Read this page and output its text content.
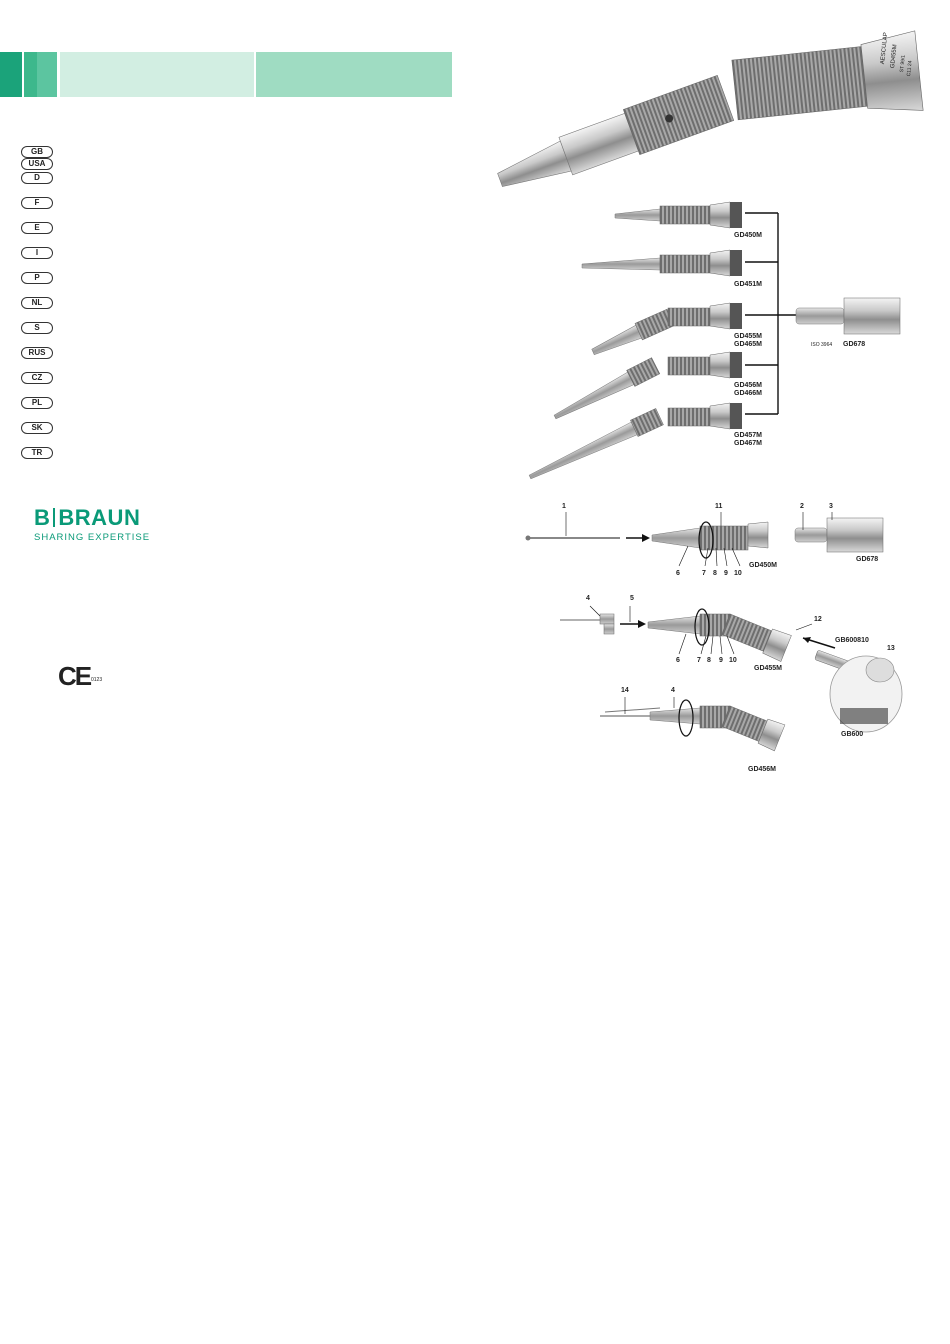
GB
USA
D
F
E
I
P
NL
S
RUS
CZ
PL
SK
TR
B BRAUN
SHARING EXPERTISE
CE 0123
AESCULAP GD455M ST 99/1 C11 24
GD450M
GD451M
GD455M
GD465M
GD456M
GD466M
GD457M
GD467M
ISO 3964 GD678
1	11	2	3
6	7 8 9 10
GD450M
GD678
4	5
12
13
6 7 8 9 10
GD455M
GB600810
GB600
14	4
GD456M
